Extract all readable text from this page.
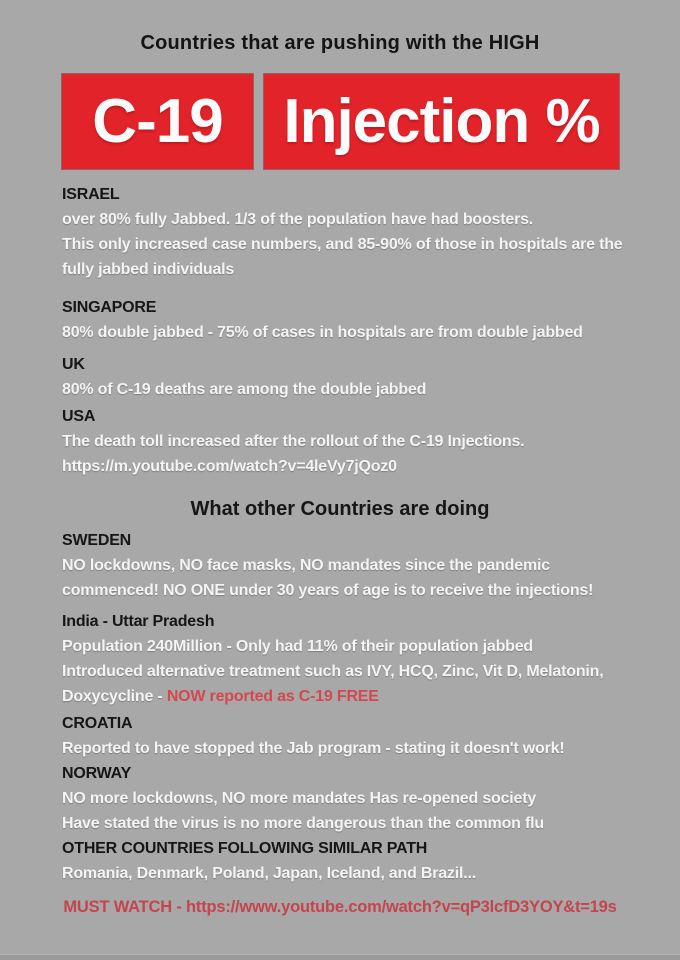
Countries that are pushing with the HIGH
C-19 Injection %
ISRAEL

over 80% fully Jabbed. 1/3 of the population have had boosters.

This only increased case numbers, and 85-90% of those in hospitals are the fully jabbed individuals

SINGAPORE

80% double jabbed - 75% of cases in hospitals are from double jabbed

UK

80% of C-19 deaths are among the double jabbed

USA

The death toll increased after the rollout of the C-19 Injections.

https://m.youtube.com/watch?v=4leVy7jQoz0

What other Countries are doing
SWEDEN

NO lockdowns, NO face masks, NO mandates since the pandemic commenced! NO ONE under 30 years of age is to receive the injections!

India - Uttar Pradesh

Population 240Million - Only had 11% of their population jabbed

Introduced alternative treatment such as IVY, HCQ, Zinc, Vit D, Melatonin,

Doxycycline - NOW reported as C-19 FREE

CROATIA

Reported to have stopped the Jab program - stating it doesn't work!

NORWAY

NO more lockdowns, NO more mandates Has re-opened society

Have stated the virus is no more dangerous than the common flu

OTHER COUNTRIES FOLLOWING SIMILAR PATH

Romania, Denmark, Poland, Japan, Iceland, and Brazil...

MUST WATCH - https://www.youtube.com/watch?v=qP3lcfD3YOY&t=19s
